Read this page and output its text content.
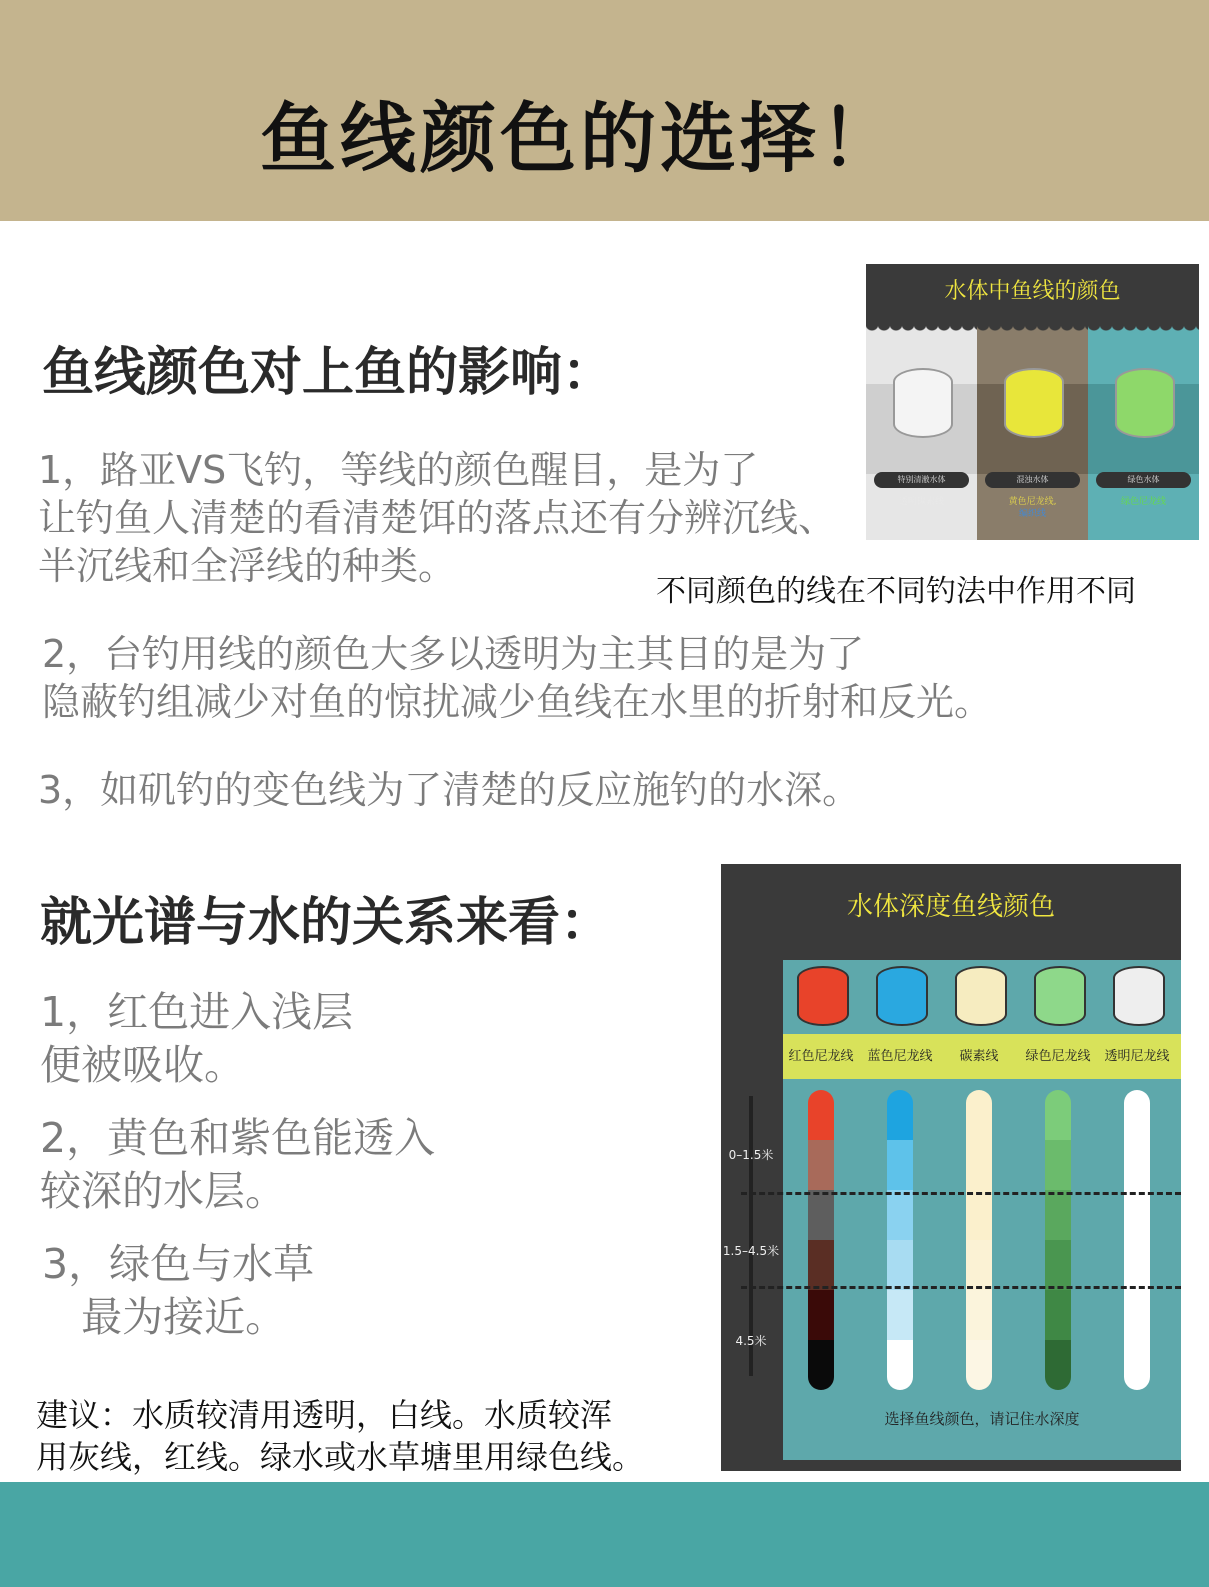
鱼线颜色的选择！
鱼线颜色对上鱼的影响：
1，路亚VS飞钓，等线的颜色醒目，是为了
让钓鱼人清楚的看清楚饵的落点还有分辨沉线、
半沉线和全浮线的种类。
水体中鱼线的颜色
特别清澈水体
透明碳素线
混浊水体
黄色尼龙线,
编织线
绿色水体
绿色尼龙线
不同颜色的线在不同钓法中作用不同
2，台钓用线的颜色大多以透明为主其目的是为了
隐蔽钓组减少对鱼的惊扰减少鱼线在水里的折射和反光。
3，如矶钓的变色线为了清楚的反应施钓的水深。
就光谱与水的关系来看：
1，红色进入浅层
便被吸收。
2，黄色和紫色能透入
较深的水层。
3，绿色与水草
最为接近。
建议：水质较清用透明，白线。水质较浑
用灰线，红线。绿水或水草塘里用绿色线。
水体深度鱼线颜色
红色尼龙线	蓝色尼龙线	碳素线	绿色尼龙线	透明尼龙线
0–1.5米
1.5–4.5米
4.5米
选择鱼线颜色，请记住水深度
